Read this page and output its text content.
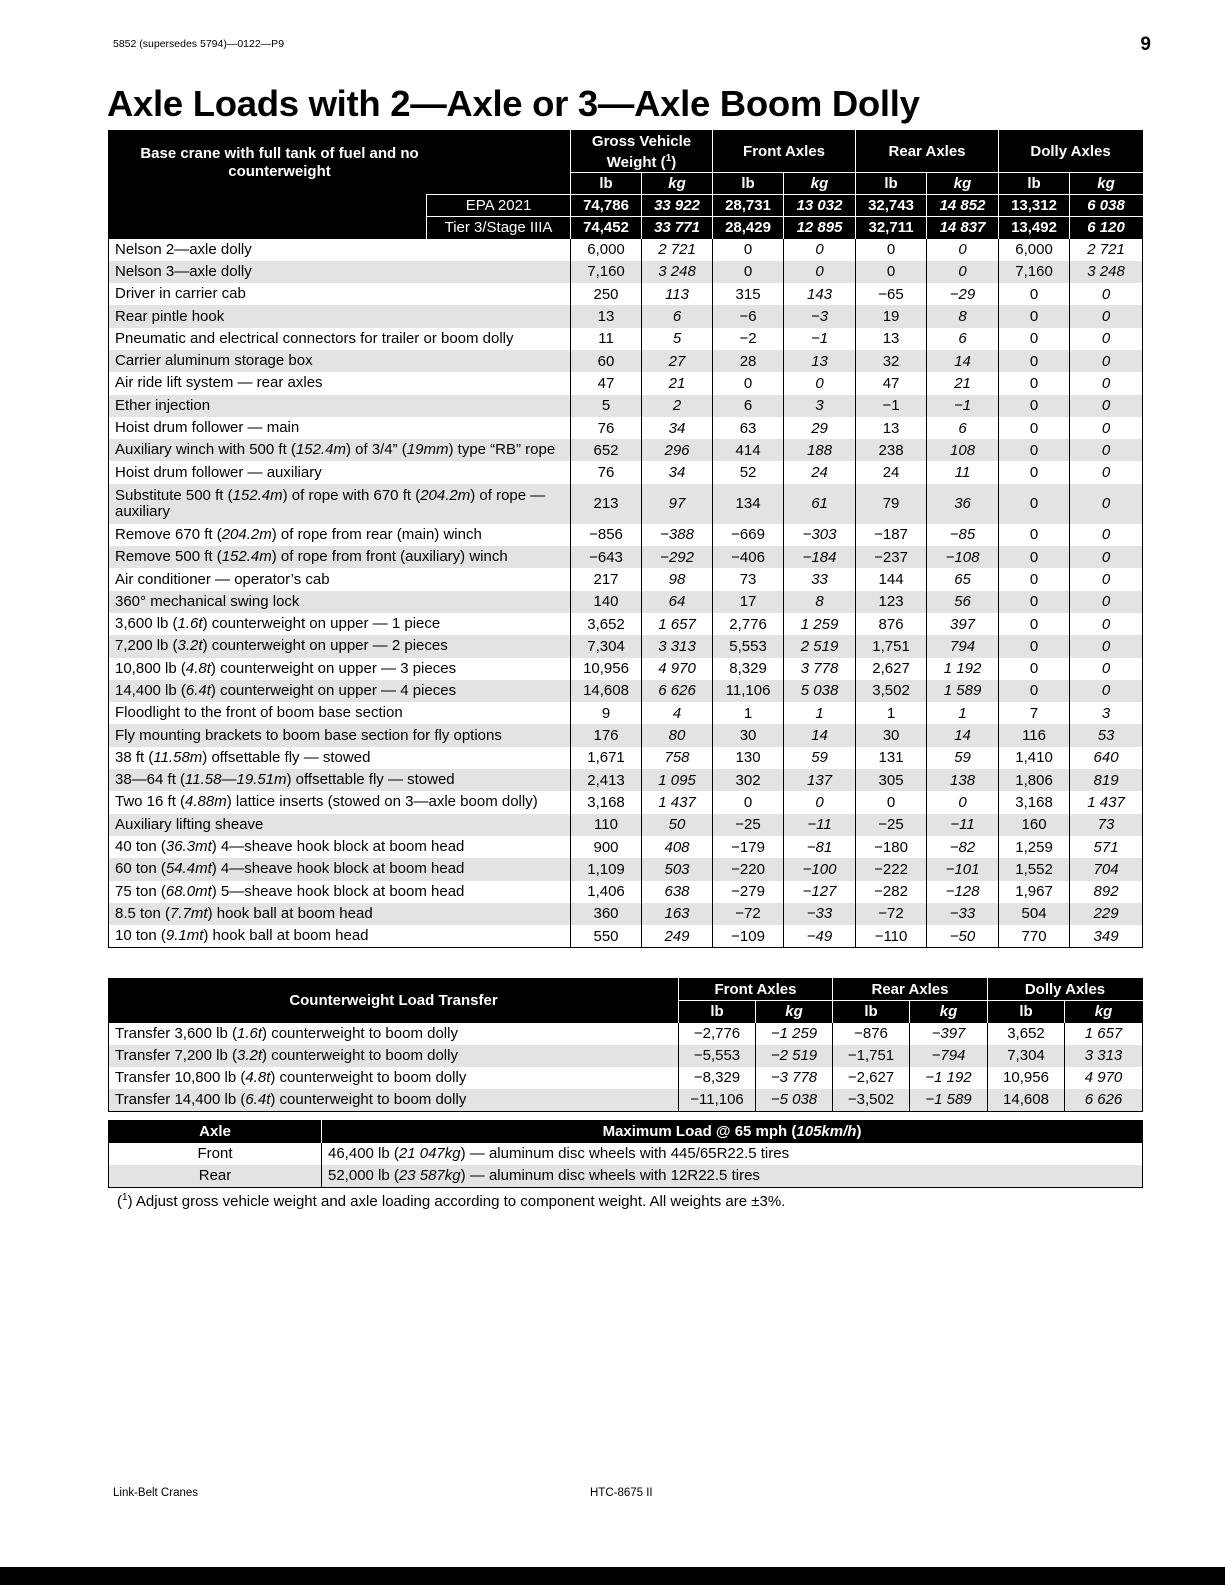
5852 (supersedes 5794)—0122—P9	9
Axle Loads with 2—Axle or 3—Axle Boom Dolly
Base crane with full tank of fuel and no counterweight		Gross Vehicle
Weight ($^1$)		Front Axles		Rear Axles		Dolly Axles	
		lb	kg	lb	kg	lb	kg	lb	kg

	EPA 2021	74,786	33 922	28,731	13 032	32,743	14 852	13,312	6 038
	Tier 3/Stage IIIA	74,452	33 771	28,429	12 895	32,711	14 837	13,492	6 120
Nelson 2—axle dolly		6,000	2 721	0	0	0	0	6,000	2 721
Nelson 3—axle dolly		7,160	3 248	0	0	0	0	7,160	3 248
Driver in carrier cab		250	113	315	143	−65	−29	0	0
Rear pintle hook		13	6	−6	−3	19	8	0	0
Pneumatic and electrical connectors for trailer or boom dolly		11	5	−2	−1	13	6	0	0
Carrier aluminum storage box		60	27	28	13	32	14	0	0
Air ride lift system — rear axles		47	21	0	0	47	21	0	0
Ether injection		5	2	6	3	−1	−1	0	0
Hoist drum follower — main		76	34	63	29	13	6	0	0
Auxiliary winch with 500 ft (152.4m) of 3/4” (19mm) type “RB” rope		652	296	414	188	238	108	0	0
Hoist drum follower — auxiliary		76	34	52	24	24	11	0	0
Substitute 500 ft (152.4m) of rope with 670 ft (204.2m) of rope — auxiliary		213	97	134	61	79	36	0	0
Remove 670 ft (204.2m) of rope from rear (main) winch		−856	−388	−669	−303	−187	−85	0	0
Remove 500 ft (152.4m) of rope from front (auxiliary) winch		−643	−292	−406	−184	−237	−108	0	0
Air conditioner — operator’s cab		217	98	73	33	144	65	0	0
360° mechanical swing lock		140	64	17	8	123	56	0	0
3,600 lb (1.6t) counterweight on upper — 1 piece		3,652	1 657	2,776	1 259	876	397	0	0
7,200 lb (3.2t) counterweight on upper — 2 pieces		7,304	3 313	5,553	2 519	1,751	794	0	0
10,800 lb (4.8t) counterweight on upper — 3 pieces		10,956	4 970	8,329	3 778	2,627	1 192	0	0
14,400 lb (6.4t) counterweight on upper — 4 pieces		14,608	6 626	11,106	5 038	3,502	1 589	0	0
Floodlight to the front of boom base section		9	4	1	1	1	1	7	3
Fly mounting brackets to boom base section for fly options		176	80	30	14	30	14	116	53
38 ft (11.58m) offsettable fly — stowed		1,671	758	130	59	131	59	1,410	640
38—64 ft (11.58—19.51m) offsettable fly — stowed		2,413	1 095	302	137	305	138	1,806	819
Two 16 ft (4.88m) lattice inserts (stowed on 3—axle boom dolly)		3,168	1 437	0	0	0	0	3,168	1 437
Auxiliary lifting sheave		110	50	−25	−11	−25	−11	160	73
40 ton (36.3mt) 4—sheave hook block at boom head		900	408	−179	−81	−180	−82	1,259	571
60 ton (54.4mt) 4—sheave hook block at boom head		1,109	503	−220	−100	−222	−101	1,552	704
75 ton (68.0mt) 5—sheave hook block at boom head		1,406	638	−279	−127	−282	−128	1,967	892
8.5 ton (7.7mt) hook ball at boom head		360	163	−72	−33	−72	−33	504	229
10 ton (9.1mt) hook ball at boom head		550	249	−109	−49	−110	−50	770	349
Counterweight Load Transfer	Front Axles		Rear Axles		Dolly Axles	
	lb	kg	lb	kg	lb	kg
Transfer 3,600 lb (1.6t) counterweight to boom dolly	−2,776	−1 259	−876	−397	3,652	1 657
Transfer 7,200 lb (3.2t) counterweight to boom dolly	−5,553	−2 519	−1,751	−794	7,304	3 313
Transfer 10,800 lb (4.8t) counterweight to boom dolly	−8,329	−3 778	−2,627	−1 192	10,956	4 970
Transfer 14,400 lb (6.4t) counterweight to boom dolly	−11,106	−5 038	−3,502	−1 589	14,608	6 626
Axle	Maximum Load @ 65 mph (105km/h)
Front	46,400 lb (21 047kg) — aluminum disc wheels with 445/65R22.5 tires
Rear	52,000 lb (23 587kg) — aluminum disc wheels with 12R22.5 tires
($^1$) Adjust gross vehicle weight and axle loading according to component weight. All weights are ±3%.
Link-Belt Cranes	HTC-8675 II
